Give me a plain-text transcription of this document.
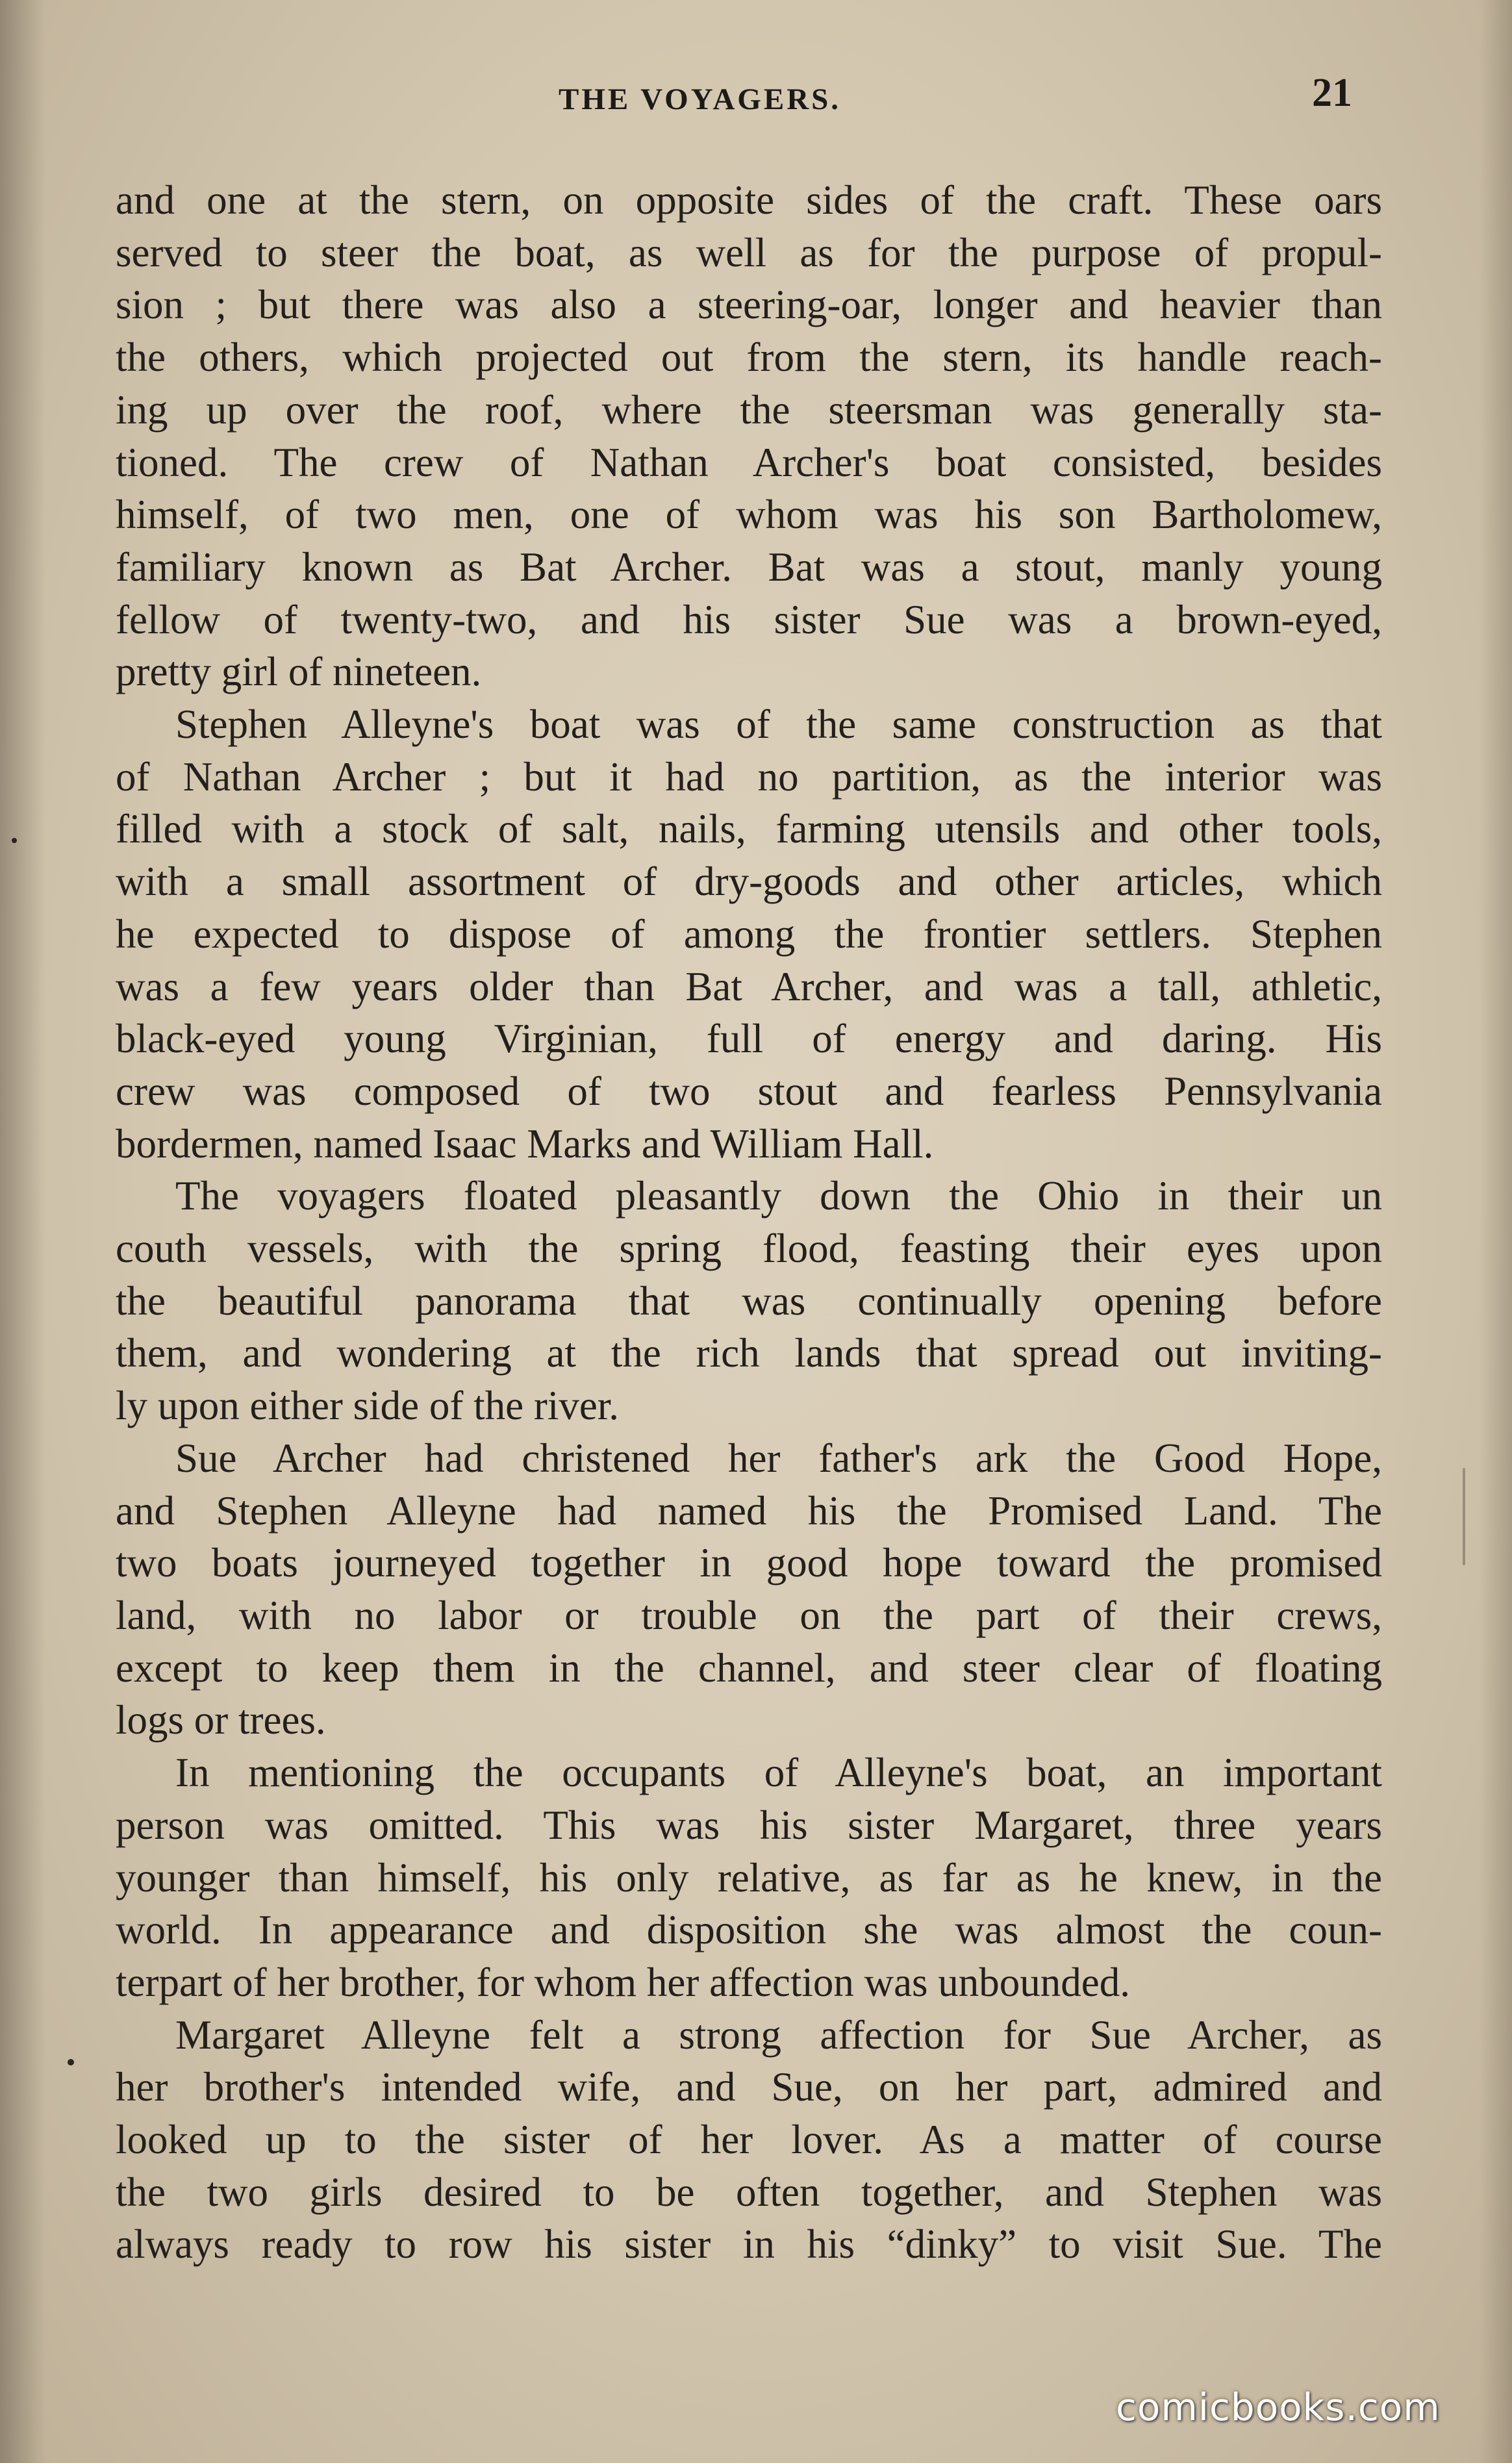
THE VOYAGERS.	21
and one at the stern, on opposite sides of the craft. These oars
served to steer the boat, as well as for the purpose of propul-
sion ; but there was also a steering-oar, longer and heavier than
the others, which projected out from the stern, its handle reach-
ing up over the roof, where the steersman was generally sta-
tioned. The crew of Nathan Archer's boat consisted, besides
himself, of two men, one of whom was his son Bartholomew,
familiary known as Bat Archer. Bat was a stout, manly young
fellow of twenty-two, and his sister Sue was a brown-eyed,
pretty girl of nineteen.
Stephen Alleyne's boat was of the same construction as that
of Nathan Archer ; but it had no partition, as the interior was
filled with a stock of salt, nails, farming utensils and other tools,
with a small assortment of dry-goods and other articles, which
he expected to dispose of among the frontier settlers. Stephen
was a few years older than Bat Archer, and was a tall, athletic,
black-eyed young Virginian, full of energy and daring. His
crew was composed of two stout and fearless Pennsylvania
bordermen, named Isaac Marks and William Hall.
The voyagers floated pleasantly down the Ohio in their un
couth vessels, with the spring flood, feasting their eyes upon
the beautiful panorama that was continually opening before
them, and wondering at the rich lands that spread out inviting-
ly upon either side of the river.
Sue Archer had christened her father's ark the Good Hope,
and Stephen Alleyne had named his the Promised Land. The
two boats journeyed together in good hope toward the promised
land, with no labor or trouble on the part of their crews,
except to keep them in the channel, and steer clear of floating
logs or trees.
In mentioning the occupants of Alleyne's boat, an important
person was omitted. This was his sister Margaret, three years
younger than himself, his only relative, as far as he knew, in the
world. In appearance and disposition she was almost the coun-
terpart of her brother, for whom her affection was unbounded.
Margaret Alleyne felt a strong affection for Sue Archer, as
her brother's intended wife, and Sue, on her part, admired and
looked up to the sister of her lover. As a matter of course
the two girls desired to be often together, and Stephen was
always ready to row his sister in his “dinky” to visit Sue. The
comicbooks.com
